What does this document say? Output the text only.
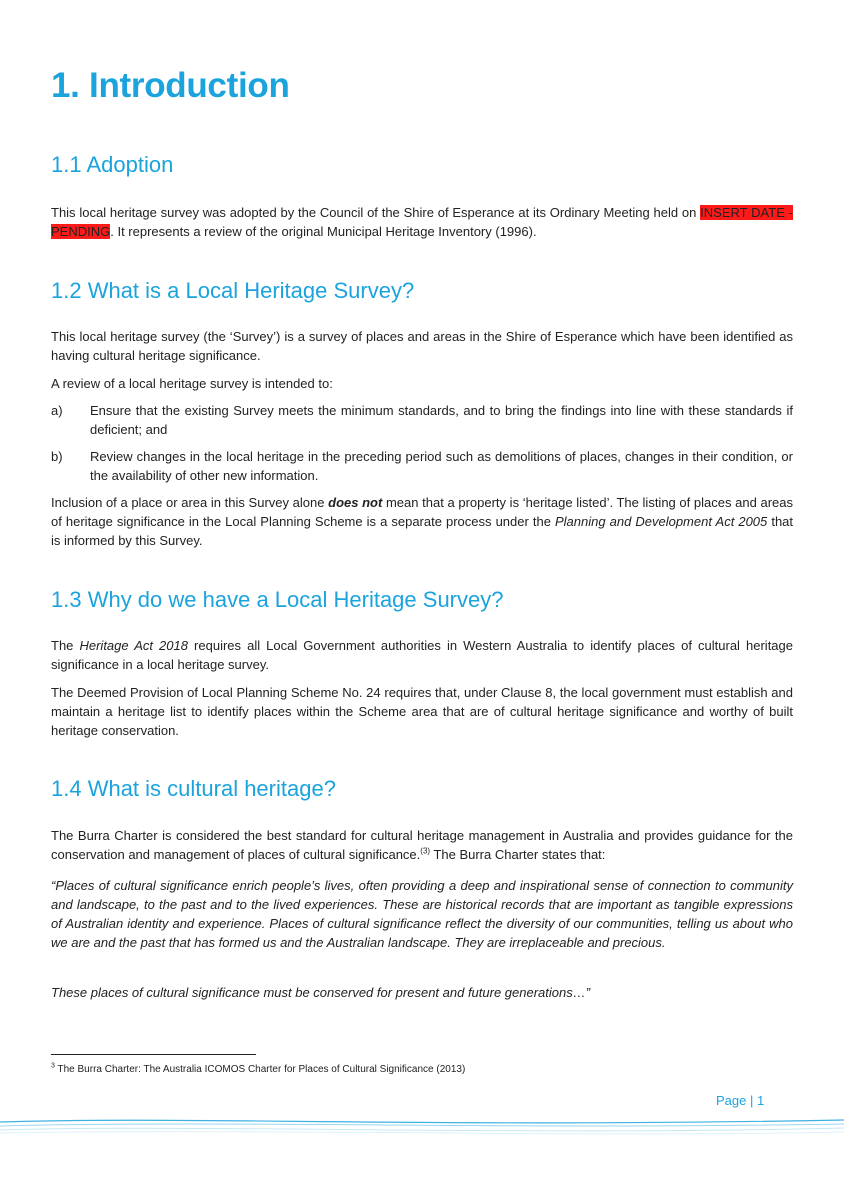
1. Introduction
1.1 Adoption

This local heritage survey was adopted by the Council of the Shire of Esperance at its Ordinary Meeting held on INSERT DATE - PENDING. It represents a review of the original Municipal Heritage Inventory (1996).

1.2 What is a Local Heritage Survey?

This local heritage survey (the ‘Survey’) is a survey of places and areas in the Shire of Esperance which have been identified as having cultural heritage significance.

A review of a local heritage survey is intended to:

a) Ensure that the existing Survey meets the minimum standards, and to bring the findings into line with these standards if deficient; and
b) Review changes in the local heritage in the preceding period such as demolitions of places, changes in their condition, or the availability of other new information.

Inclusion of a place or area in this Survey alone does not mean that a property is ‘heritage listed’. The listing of places and areas of heritage significance in the Local Planning Scheme is a separate process under the Planning and Development Act 2005 that is informed by this Survey.

1.3 Why do we have a Local Heritage Survey?

The Heritage Act 2018 requires all Local Government authorities in Western Australia to identify places of cultural heritage significance in a local heritage survey.

The Deemed Provision of Local Planning Scheme No. 24 requires that, under Clause 8, the local government must establish and maintain a heritage list to identify places within the Scheme area that are of cultural heritage significance and worthy of built heritage conservation.

1.4 What is cultural heritage?

The Burra Charter is considered the best standard for cultural heritage management in Australia and provides guidance for the conservation and management of places of cultural significance.$^{(3)}$ The Burra Charter states that:

“Places of cultural significance enrich people’s lives, often providing a deep and inspirational sense of connection to community and landscape, to the past and to the lived experiences. These are historical records that are important as tangible expressions of Australian identity and experience. Places of cultural significance reflect the diversity of our communities, telling us about who we are and the past that has formed us and the Australian landscape. They are irreplaceable and precious.

These places of cultural significance must be conserved for present and future generations…”

$^3$ The Burra Charter: The Australia ICOMOS Charter for Places of Cultural Significance (2013)
Page | 1
